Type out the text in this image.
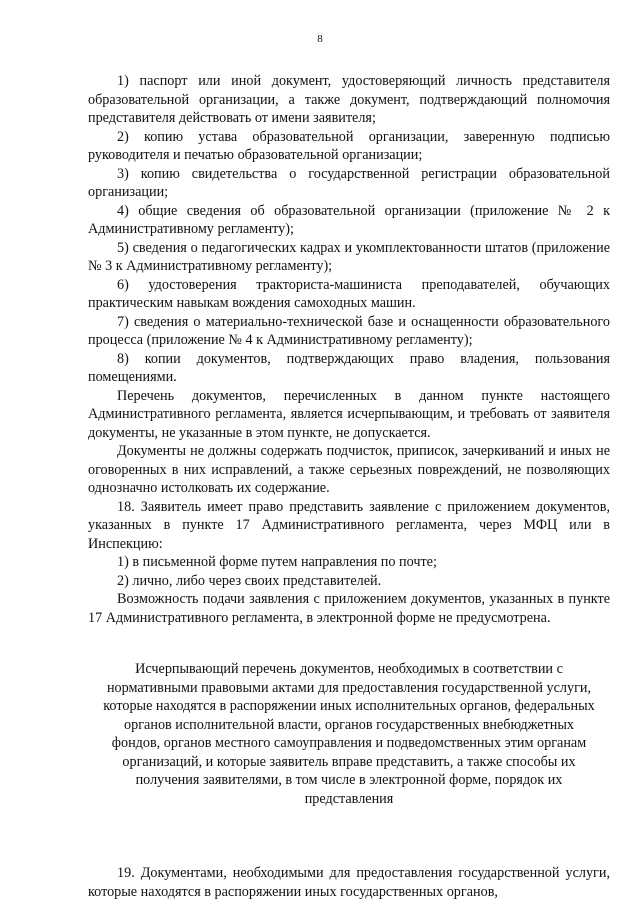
8

1) паспорт или иной документ, удостоверяющий личность представителя образовательной организации, а также документ, подтверждающий полномочия представителя действовать от имени заявителя;

2) копию устава образовательной организации, заверенную подписью руководителя и печатью образовательной организации;

3) копию свидетельства о государственной регистрации образовательной организации;

4) общие сведения об образовательной организации (приложение № 2 к Административному регламенту);

5) сведения о педагогических кадрах и укомплектованности штатов (приложение № 3 к Административному регламенту);

6) удостоверения тракториста-машиниста преподавателей, обучающих практическим навыкам вождения самоходных машин.

7) сведения о материально-технической базе и оснащенности образовательного процесса (приложение № 4 к Административному регламенту);

8) копии документов, подтверждающих право владения, пользования помещениями.

Перечень документов, перечисленных в данном пункте настоящего Административного регламента, является исчерпывающим, и требовать от заявителя документы, не указанные в этом пункте, не допускается.

Документы не должны содержать подчисток, приписок, зачеркиваний и иных не оговоренных в них исправлений, а также серьезных повреждений, не позволяющих однозначно истолковать их содержание.

18. Заявитель имеет право представить заявление с приложением документов, указанных в пункте 17 Административного регламента, через МФЦ или в Инспекцию:

1) в письменной форме путем направления по почте;

2) лично, либо через своих представителей.

Возможность подачи заявления с приложением документов, указанных в пункте 17 Административного регламента, в электронной форме не предусмотрена.

Исчерпывающий перечень документов, необходимых в соответствии с нормативными правовыми актами для предоставления государственной услуги, которые находятся в распоряжении иных исполнительных органов, федеральных органов исполнительной власти, органов государственных внебюджетных фондов, органов местного самоуправления и подведомственных этим органам организаций, и которые заявитель вправе представить, а также способы их получения заявителями, в том числе в электронной форме, порядок их представления

19. Документами, необходимыми для предоставления государственной услуги, которые находятся в распоряжении иных государственных органов,
